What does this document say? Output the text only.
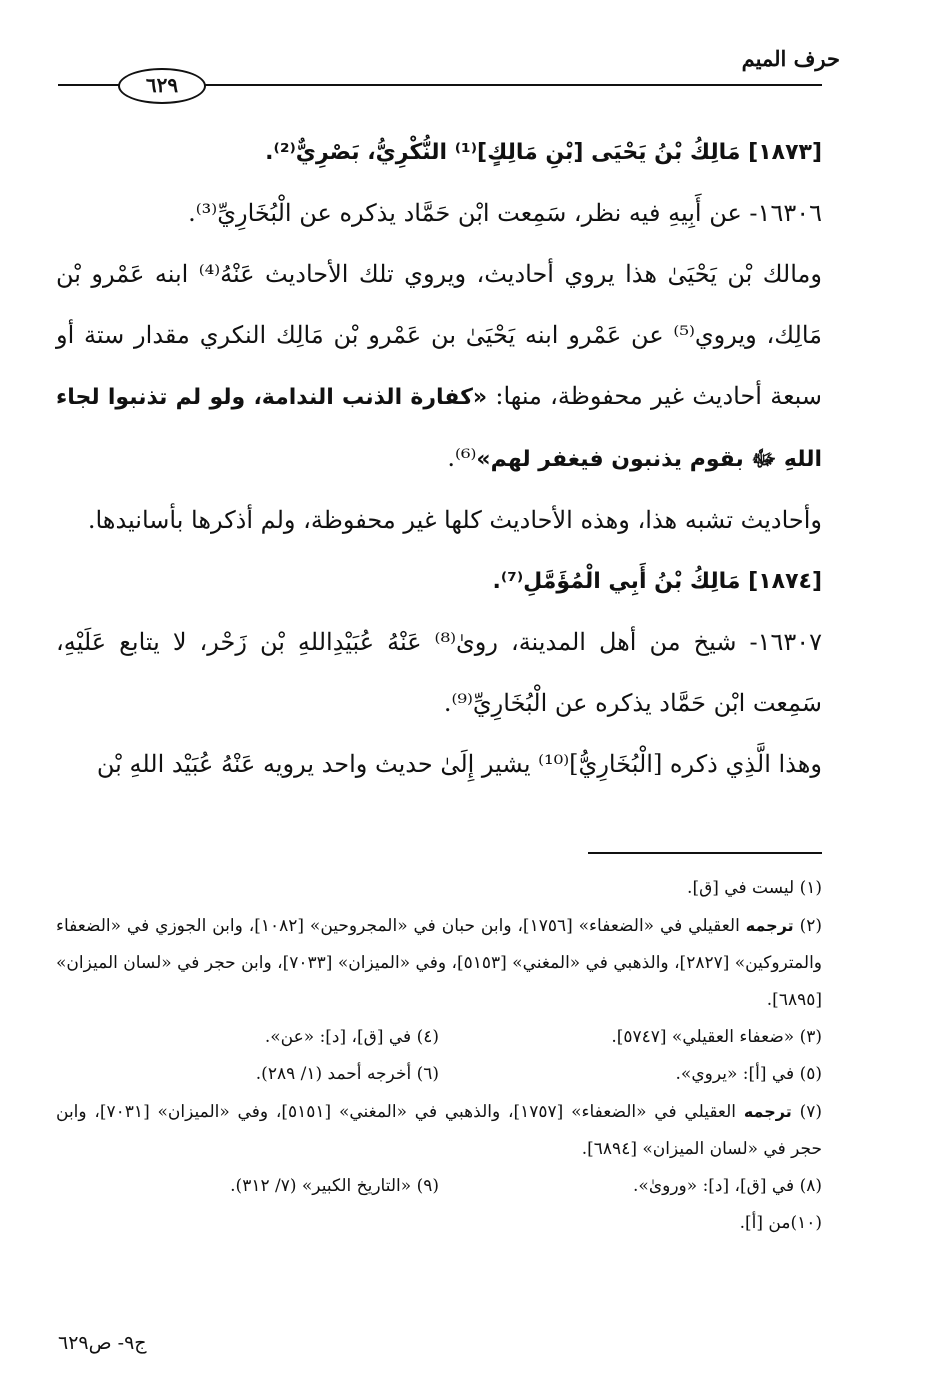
حرف الميم
٦٢٩

[١٨٧٣] مَالِكُ بْنُ يَحْيَى [بْنِ مَالِكٍ]⁽¹⁾ النُّكْرِيُّ، بَصْرِيٌّ⁽²⁾.

١٦٣٠٦- عن أَبِيهِ فيه نظر، سَمِعت ابْن حَمَّاد يذكره عن الْبُخَارِيِّ⁽³⁾.

ومالك بْن يَحْيَىٰ هذا يروي أحاديث، ويروي تلك الأحاديث عَنْهُ⁽⁴⁾ ابنه عَمْرو بْن مَالِك، ويروي⁽⁵⁾ عن عَمْرو ابنه يَحْيَىٰ بن عَمْرو بْن مَالِك النكري مقدار ستة أو سبعة أحاديث غير محفوظة، منها: «كفارة الذنب الندامة، ولو لم تذنبوا لجاء اللهِ ﷻ بقوم يذنبون فيغفر لهم»⁽⁶⁾.

وأحاديث تشبه هذا، وهذه الأحاديث كلها غير محفوظة، ولم أذكرها بأسانيدها.

[١٨٧٤] مَالِكُ بْنُ أَبِي الْمُؤَمَّلِ⁽⁷⁾.

١٦٣٠٧- شيخ من أهل المدينة، روىٰ⁽⁸⁾ عَنْهُ عُبَيْدِاللهِ بْن زَحْر، لا يتابع عَلَيْهِ، سَمِعت ابْن حَمَّاد يذكره عن الْبُخَارِيِّ⁽⁹⁾.

وهذا الَّذِي ذكره [الْبُخَارِيُّ]⁽¹⁰⁾ يشير إِلَىٰ حديث واحد يرويه عَنْهُ عُبَيْد اللهِ بْن

(١) ليست في [ق].

(٢) ترجمه العقيلي في «الضعفاء» [١٧٥٦]، وابن حبان في «المجروحين» [١٠٨٢]، وابن الجوزي في «الضعفاء والمتروكين» [٢٨٢٧]، والذهبي في «المغني» [٥١٥٣]، وفي «الميزان» [٧٠٣٣]، وابن حجر في «لسان الميزان» [٦٨٩٥].

(٣) «ضعفاء العقيلي» [٥٧٤٧].

(٤) في [ق]، [د]: «عن».

(٥) في [أ]: «يروي».

(٦) أخرجه أحمد (١/ ٢٨٩).

(٧) ترجمه العقيلي في «الضعفاء» [١٧٥٧]، والذهبي في «المغني» [٥١٥١]، وفي «الميزان» [٧٠٣١]، وابن حجر في «لسان الميزان» [٦٨٩٤].

(٨) في [ق]، [د]: «وروىٰ».

(٩) «التاريخ الكبير» (٧/ ٣١٢).

(١٠)من [أ].

ج٩- ص٦٢٩
